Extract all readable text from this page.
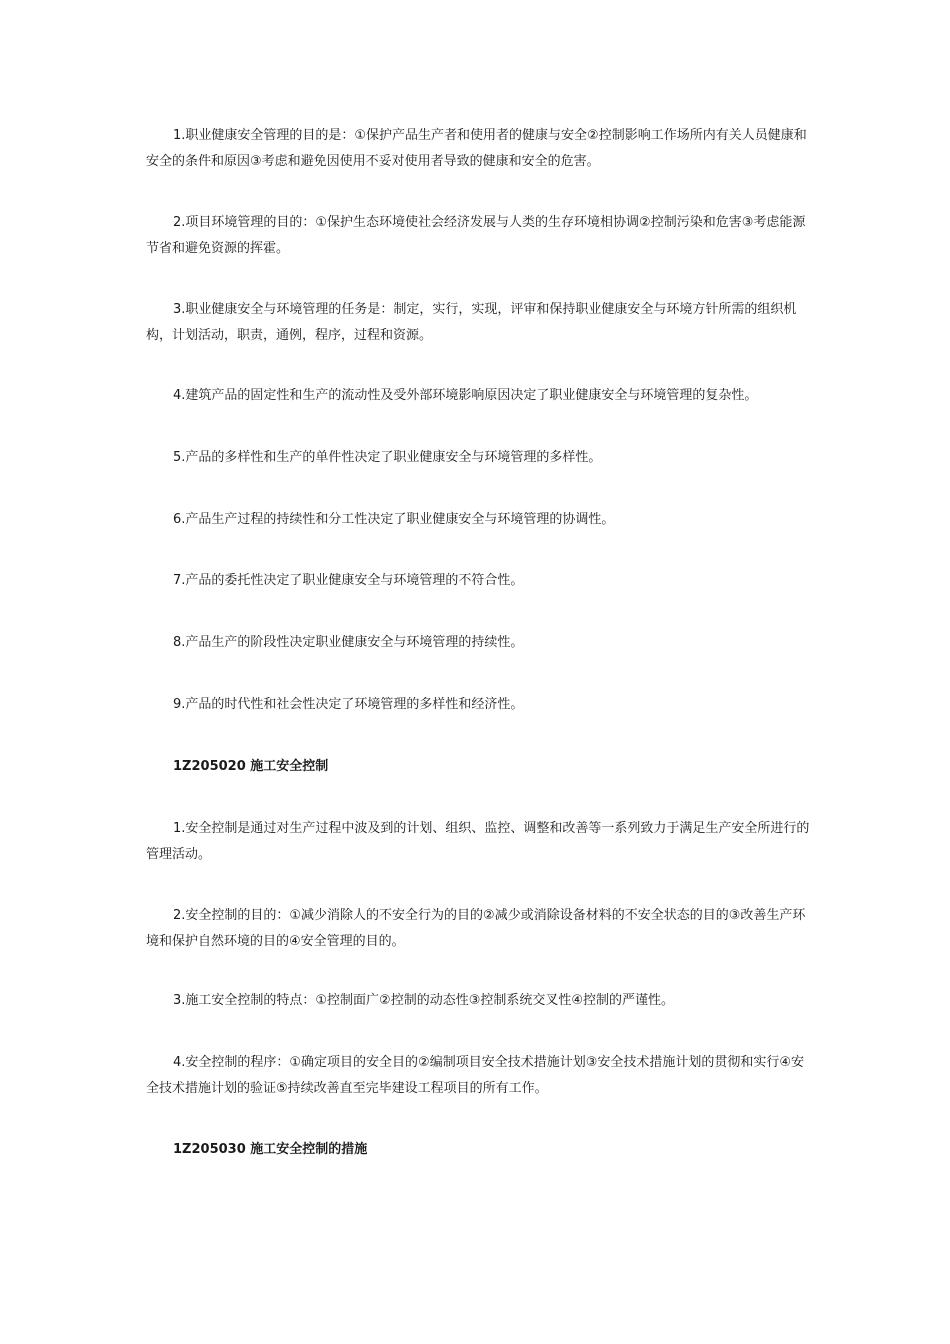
1.职业健康安全管理的目的是：①保护产品生产者和使用者的健康与安全②控制影响工作场所内有关人员健康和安全的条件和原因③考虑和避免因使用不妥对使用者导致的健康和安全的危害。

2.项目环境管理的目的：①保护生态环境使社会经济发展与人类的生存环境相协调②控制污染和危害③考虑能源节省和避免资源的挥霍。

3.职业健康安全与环境管理的任务是：制定，实行，实现，评审和保持职业健康安全与环境方针所需的组织机构，计划活动，职责，通例，程序，过程和资源。

4.建筑产品的固定性和生产的流动性及受外部环境影响原因决定了职业健康安全与环境管理的复杂性。

5.产品的多样性和生产的单件性决定了职业健康安全与环境管理的多样性。

6.产品生产过程的持续性和分工性决定了职业健康安全与环境管理的协调性。

7.产品的委托性决定了职业健康安全与环境管理的不符合性。

8.产品生产的阶段性决定职业健康安全与环境管理的持续性。

9.产品的时代性和社会性决定了环境管理的多样性和经济性。

1Z205020 施工安全控制

1.安全控制是通过对生产过程中波及到的计划、组织、监控、调整和改善等一系列致力于满足生产安全所进行的管理活动。

2.安全控制的目的：①减少消除人的不安全行为的目的②减少或消除设备材料的不安全状态的目的③改善生产环境和保护自然环境的目的④安全管理的目的。

3.施工安全控制的特点：①控制面广②控制的动态性③控制系统交叉性④控制的严谨性。

4.安全控制的程序：①确定项目的安全目的②编制项目安全技术措施计划③安全技术措施计划的贯彻和实行④安全技术措施计划的验证⑤持续改善直至完毕建设工程项目的所有工作。

1Z205030 施工安全控制的措施
